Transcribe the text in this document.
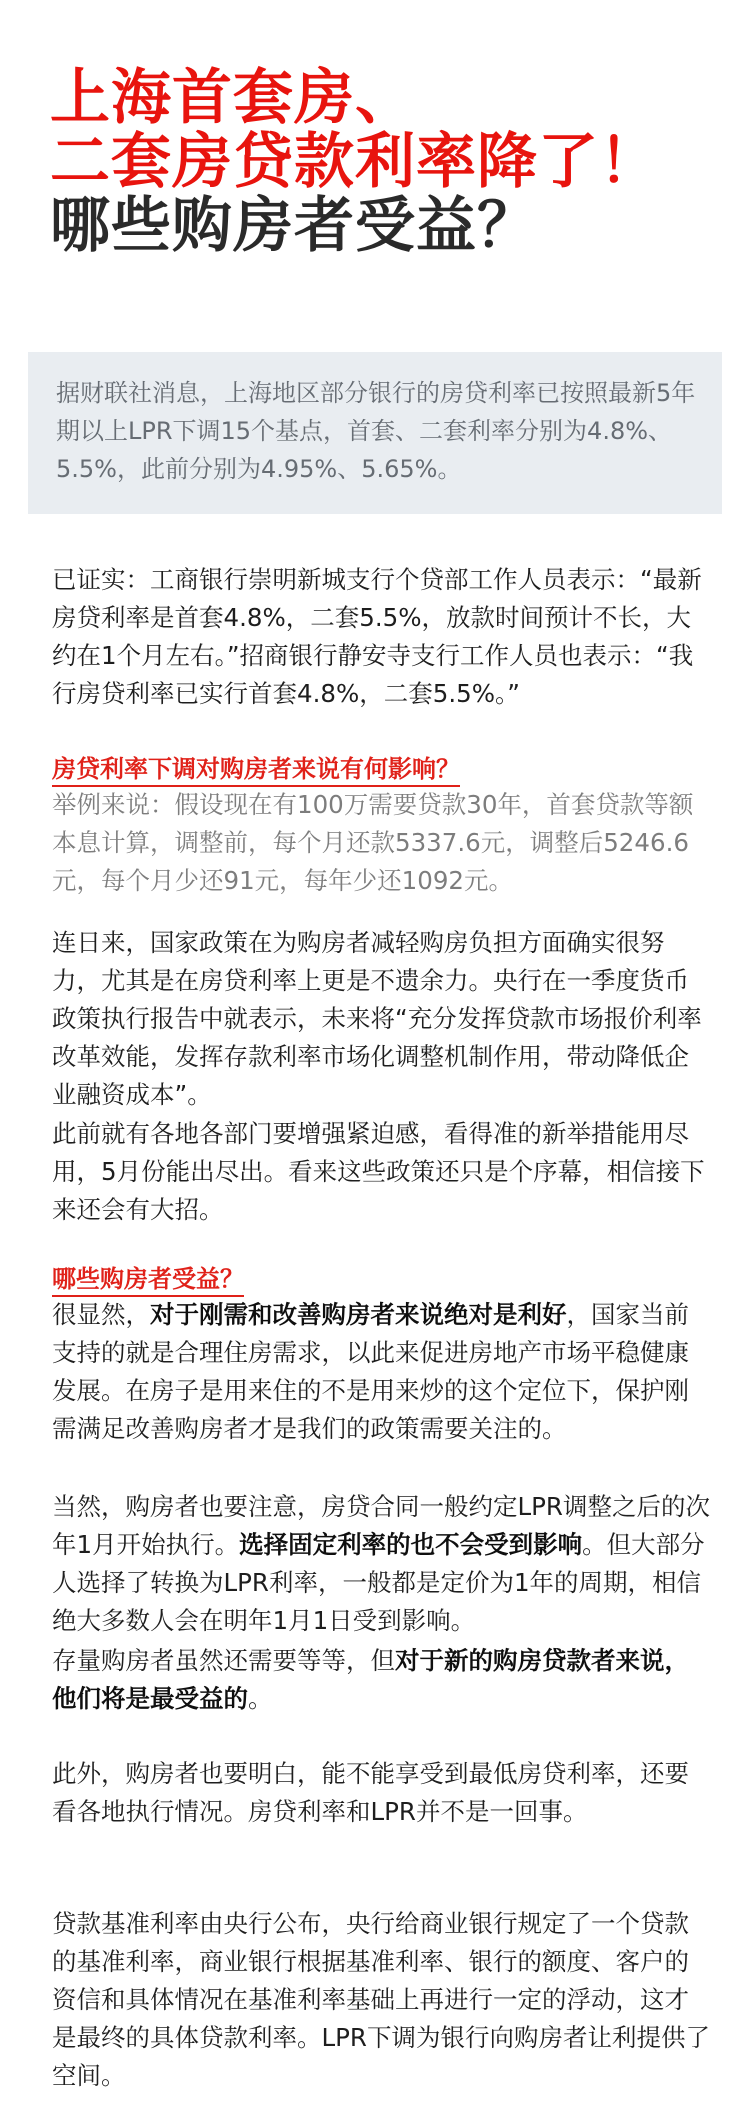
上海首套房、
二套房贷款利率降了！
哪些购房者受益？
据财联社消息，上海地区部分银行的房贷利率已按照最新5年期以上LPR下调15个基点，首套、二套利率分别为4.8%、5.5%，此前分别为4.95%、5.65%。
已证实：工商银行崇明新城支行个贷部工作人员表示：“最新房贷利率是首套4.8%，二套5.5%，放款时间预计不长，大约在1个月左右。”招商银行静安寺支行工作人员也表示：“我行房贷利率已实行首套4.8%，二套5.5%。”
房贷利率下调对购房者来说有何影响？
举例来说：假设现在有100万需要贷款30年，首套贷款等额本息计算，调整前，每个月还款5337.6元，调整后5246.6元，每个月少还91元，每年少还1092元。
连日来，国家政策在为购房者减轻购房负担方面确实很努力，尤其是在房贷利率上更是不遗余力。央行在一季度货币政策执行报告中就表示，未来将“充分发挥贷款市场报价利率改革效能，发挥存款利率市场化调整机制作用，带动降低企业融资成本”。
此前就有各地各部门要增强紧迫感，看得准的新举措能用尽用，5月份能出尽出。看来这些政策还只是个序幕，相信接下来还会有大招。
哪些购房者受益？
很显然，对于刚需和改善购房者来说绝对是利好，国家当前支持的就是合理住房需求，以此来促进房地产市场平稳健康发展。在房子是用来住的不是用来炒的这个定位下，保护刚需满足改善购房者才是我们的政策需要关注的。
当然，购房者也要注意，房贷合同一般约定LPR调整之后的次年1月开始执行。选择固定利率的也不会受到影响。但大部分人选择了转换为LPR利率，一般都是定价为1年的周期，相信绝大多数人会在明年1月1日受到影响。
存量购房者虽然还需要等等，但对于新的购房贷款者来说，他们将是最受益的。
此外，购房者也要明白，能不能享受到最低房贷利率，还要看各地执行情况。房贷利率和LPR并不是一回事。
贷款基准利率由央行公布，央行给商业银行规定了一个贷款的基准利率，商业银行根据基准利率、银行的额度、客户的资信和具体情况在基准利率基础上再进行一定的浮动，这才是最终的具体贷款利率。LPR下调为银行向购房者让利提供了空间。
